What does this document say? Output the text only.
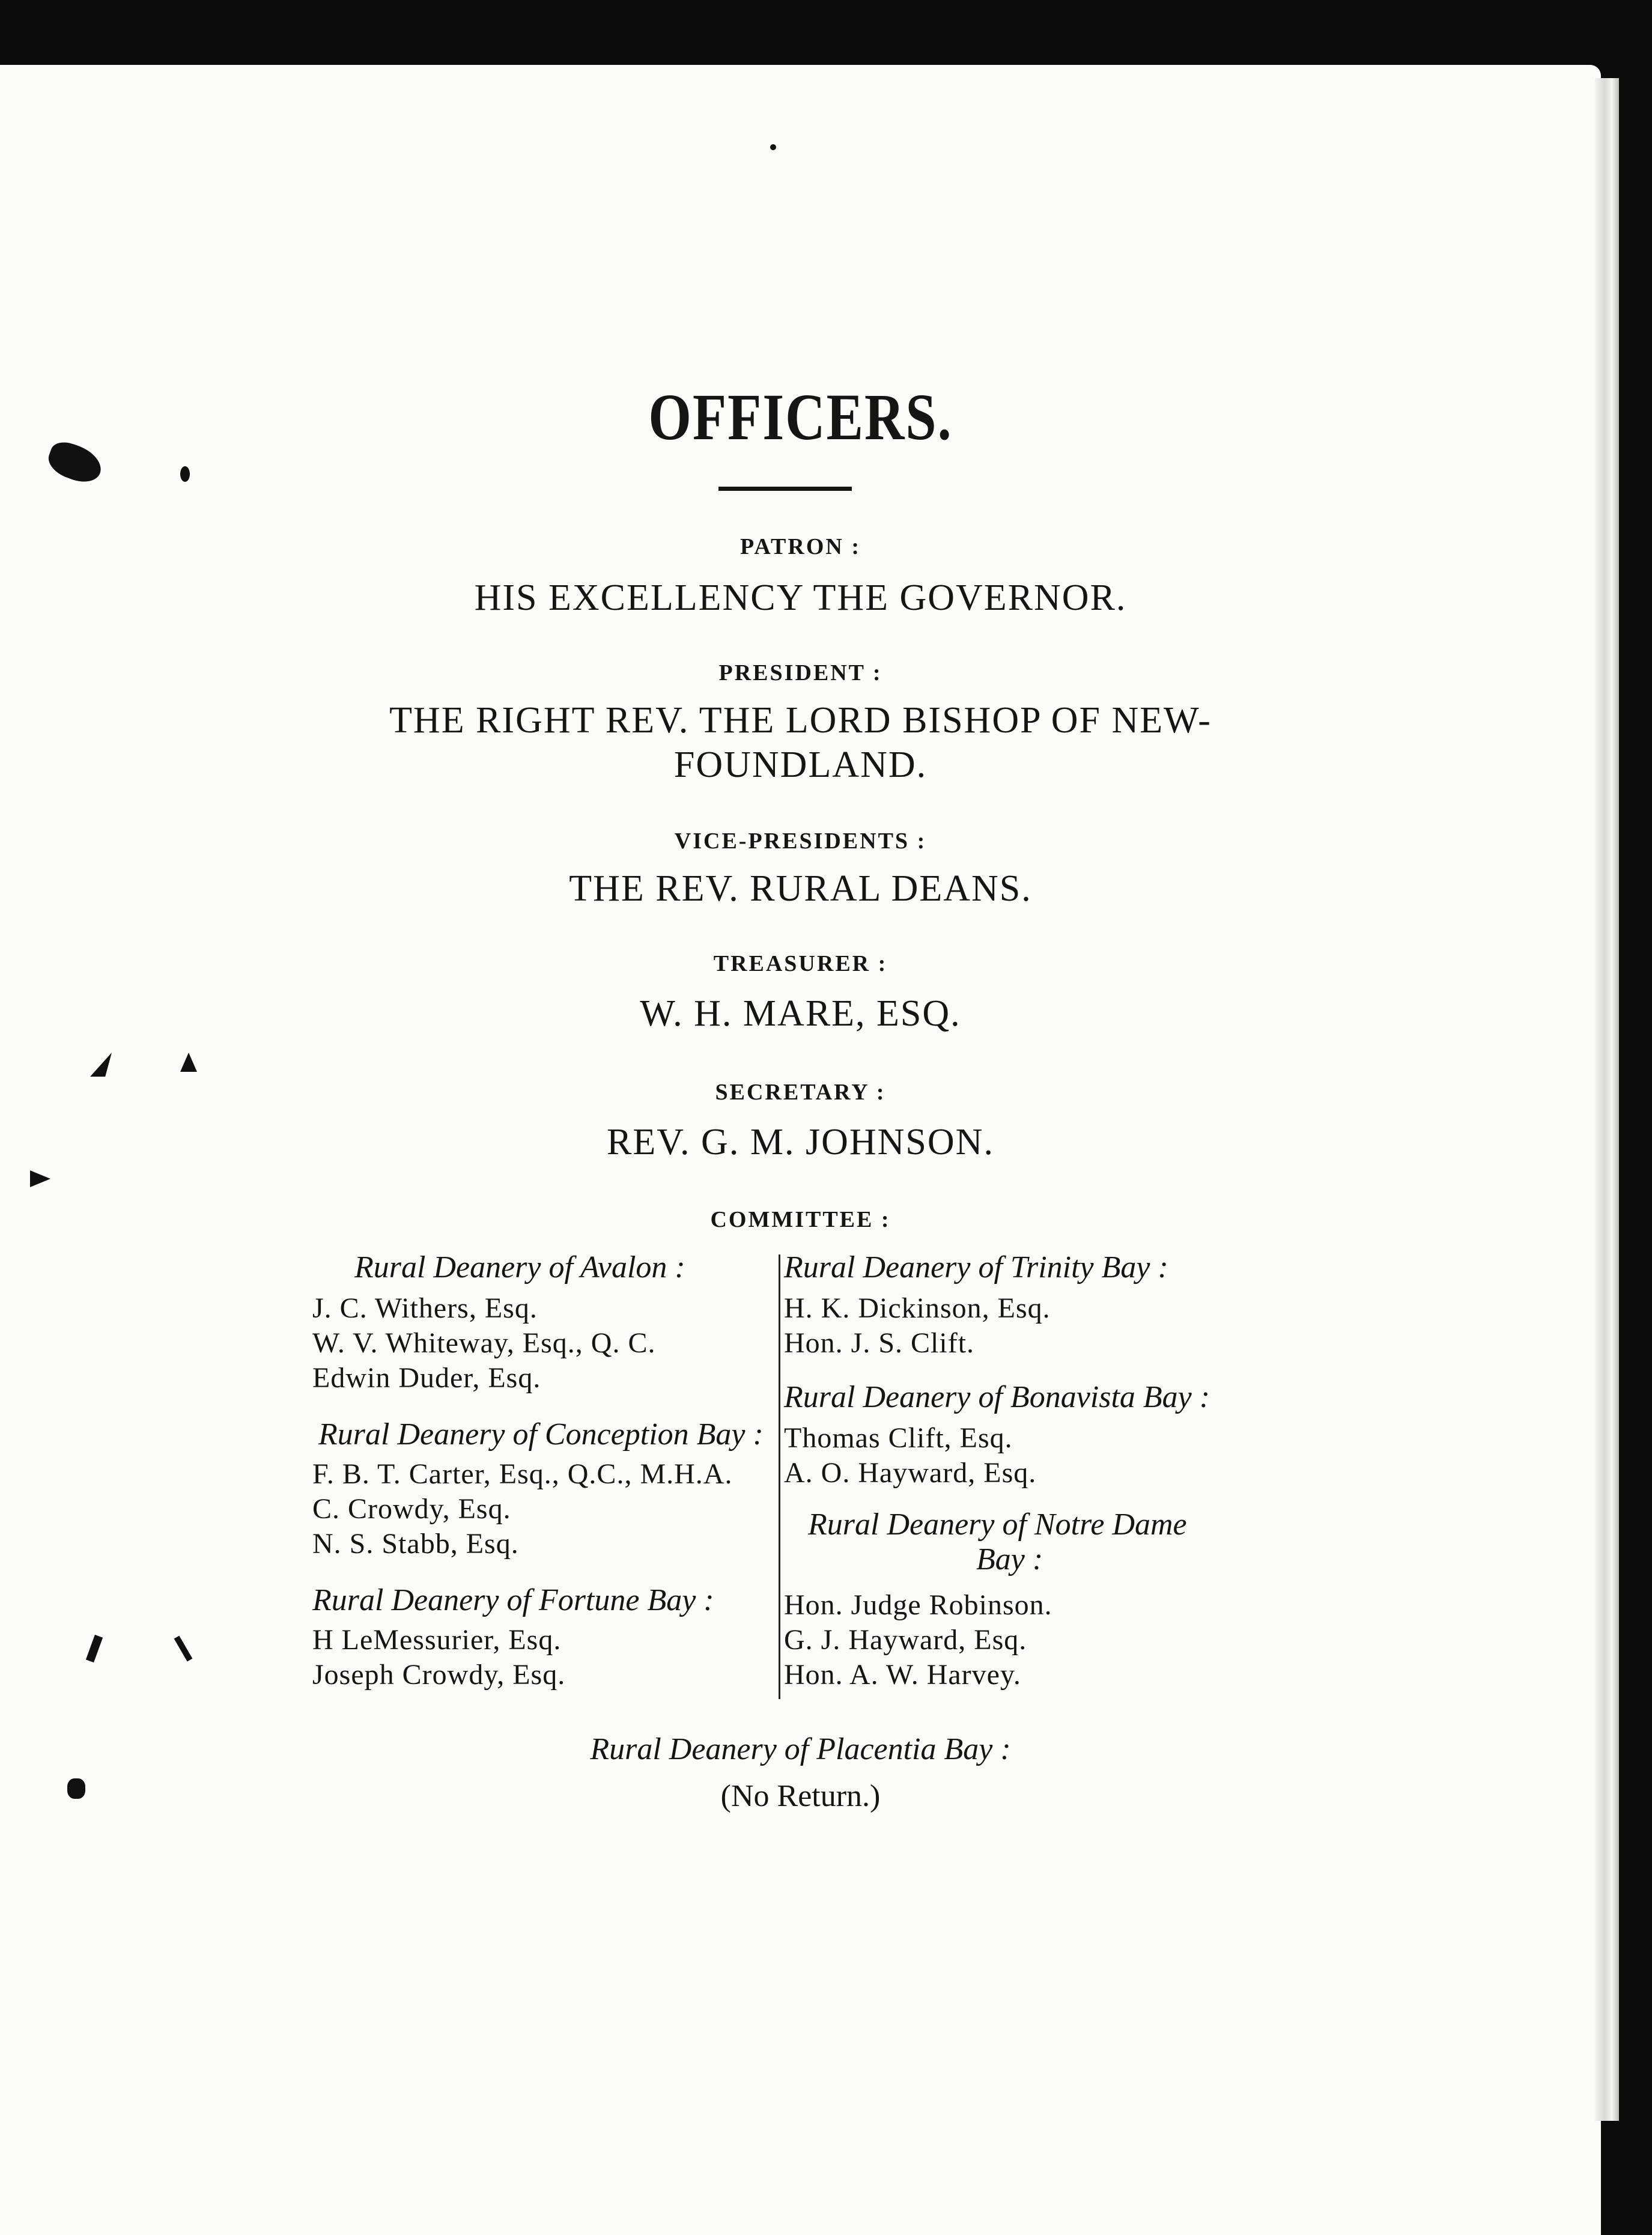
OFFICERS.
PATRON :
HIS EXCELLENCY THE GOVERNOR.
PRESIDENT :
THE RIGHT REV. THE LORD BISHOP OF NEW-
FOUNDLAND.
VICE-PRESIDENTS :
THE REV. RURAL DEANS.
TREASURER :
W. H. MARE, ESQ.
SECRETARY :
REV. G. M. JOHNSON.
COMMITTEE :
Rural Deanery of Avalon :
J. C. Withers, Esq.
W. V. Whiteway, Esq., Q. C.
Edwin Duder, Esq.
Rural Deanery of Conception Bay :
F. B. T. Carter, Esq., Q.C., M.H.A.
C. Crowdy, Esq.
N. S. Stabb, Esq.
Rural Deanery of Fortune Bay :
H LeMessurier, Esq.
Joseph Crowdy, Esq.
Rural Deanery of Trinity Bay :
H. K. Dickinson, Esq.
Hon. J. S. Clift.
Rural Deanery of Bonavista Bay :
Thomas Clift, Esq.
A. O. Hayward, Esq.
Rural Deanery of Notre Dame
Bay :
Hon. Judge Robinson.
G. J. Hayward, Esq.
Hon. A. W. Harvey.
Rural Deanery of Placentia Bay :
(No Return.)
